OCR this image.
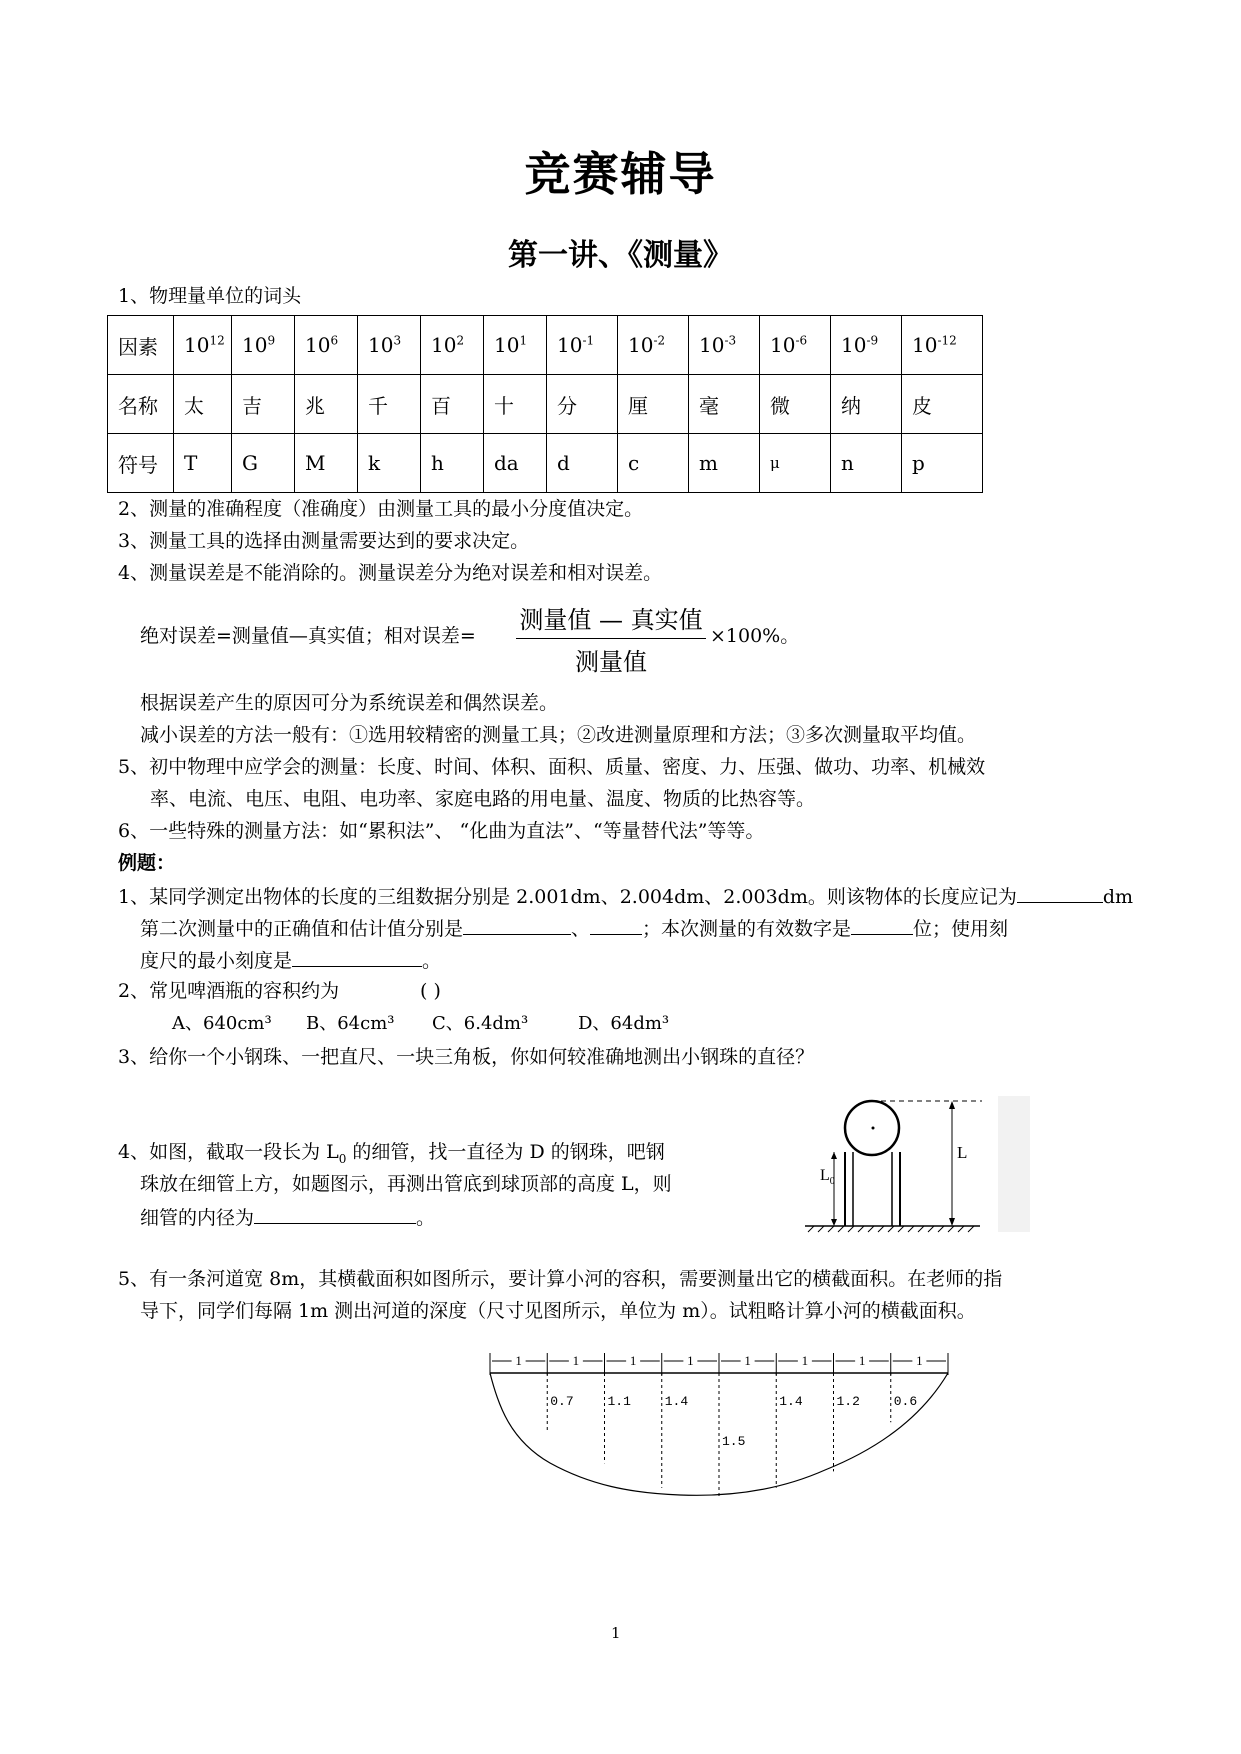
竞赛辅导
第一讲、《测量》
1、物理量单位的词头
因素	$10^{12}$	$10^9$	$10^6$	$10^3$	$10^2$	$10^1$	$10^{-1}$	$10^{-2}$	$10^{-3}$	$10^{-6}$	$10^{-9}$	$10^{-12}$
名称	太	吉	兆	千	百	十	分	厘	毫	微	纳	皮
符号	T	G	M	k	h	da	d	c	m	μ	n	p
2、测量的准确程度（准确度）由测量工具的最小分度值决定。
3、测量工具的选择由测量需要达到的要求决定。
4、测量误差是不能消除的。测量误差分为绝对误差和相对误差。
绝对误差=测量值—真实值；相对误差=
测量值 — 真实值
测量值
×100%。
根据误差产生的原因可分为系统误差和偶然误差。
减小误差的方法一般有：①选用较精密的测量工具；②改进测量原理和方法；③多次测量取平均值。
5、初中物理中应学会的测量：长度、时间、体积、面积、质量、密度、力、压强、做功、功率、机械效
率、电流、电压、电阻、电功率、家庭电路的用电量、温度、物质的比热容等。
6、一些特殊的测量方法：如“累积法”、 “化曲为直法”、“等量替代法”等等。
例题：
1、某同学测定出物体的长度的三组数据分别是 2.001dm、2.004dm、2.003dm。则该物体的长度应记为	dm
第二次测量中的正确值和估计值分别是	、	；本次测量的有效数字是	位；使用刻
度尺的最小刻度是	。
2、常见啤酒瓶的容积约为	( )
A、640cm³ B、64cm³ C、6.4dm³	D、64dm³
3、给你一个小钢珠、一把直尺、一块三角板，你如何较准确地测出小钢珠的直径？
4、如图，截取一段长为 $L_0$ 的细管，找一直径为 D 的钢珠，吧钢
珠放在细管上方，如题图示，再测出管底到球顶部的高度 L，则
细管的内径为	。
L
$L_0$
5、有一条河道宽 8m，其横截面积如图所示，要计算小河的容积，需要测量出它的横截面积。在老师的指
导下，同学们每隔 1m 测出河道的深度（尺寸见图所示，单位为 m）。试粗略计算小河的横截面积。
1	1	1	1	1	1	1	1
0.7	1.1	1.4
1.5
1.4	1.2	0.6
1
